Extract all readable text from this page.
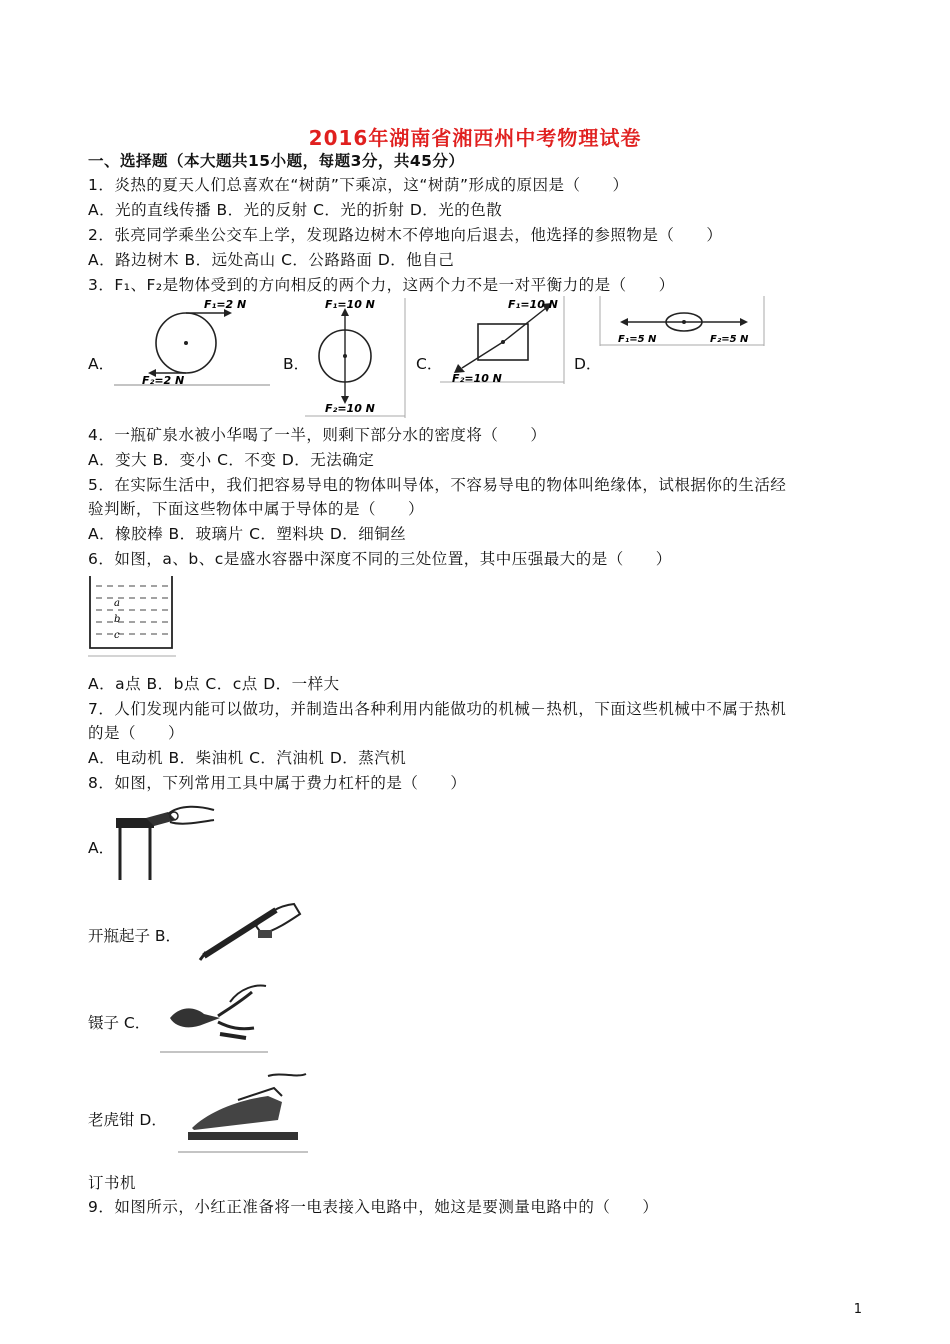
2016年湖南省湘西州中考物理试卷
一、选择题（本大题共15小题，每题3分，共45分）
1．炎热的夏天人们总喜欢在“树荫”下乘凉，这“树荫”形成的原因是（　　）
A．光的直线传播 B．光的反射 C．光的折射 D．光的色散
2．张亮同学乘坐公交车上学，发现路边树木不停地向后退去，他选择的参照物是（　　）
A．路边树木 B．远处高山 C．公路路面 D．他自己
3．F₁、F₂是物体受到的方向相反的两个力，这两个力不是一对平衡力的是（　　）
A．
F₁=2 N
F₂=2 N
B．
F₁=10 N
F₂=10 N
C．
F₁=10 N
F₂=10 N
D．
F₁=5 N	F₂=5 N
4．一瓶矿泉水被小华喝了一半，则剩下部分水的密度将（　　）
A．变大 B．变小 C．不变 D．无法确定
5．在实际生活中，我们把容易导电的物体叫导体，不容易导电的物体叫绝缘体，试根据你的生活经
验判断，下面这些物体中属于导体的是（　　）
A．橡胶棒 B．玻璃片 C．塑料块 D．细铜丝
6．如图，a、b、c是盛水容器中深度不同的三处位置，其中压强最大的是（　　）
a
b
c
A．a点 B．b点 C．c点 D．一样大
7．人们发现内能可以做功，并制造出各种利用内能做功的机械－热机，下面这些机械中不属于热机
的是（　　）
A．电动机 B．柴油机 C．汽油机 D．蒸汽机
8．如图，下列常用工具中属于费力杠杆的是（　　）
A．
开瓶起子 B．
镊子 C．
老虎钳 D．
订书机
9．如图所示，小红正准备将一电表接入电路中，她这是要测量电路中的（　　）
1
